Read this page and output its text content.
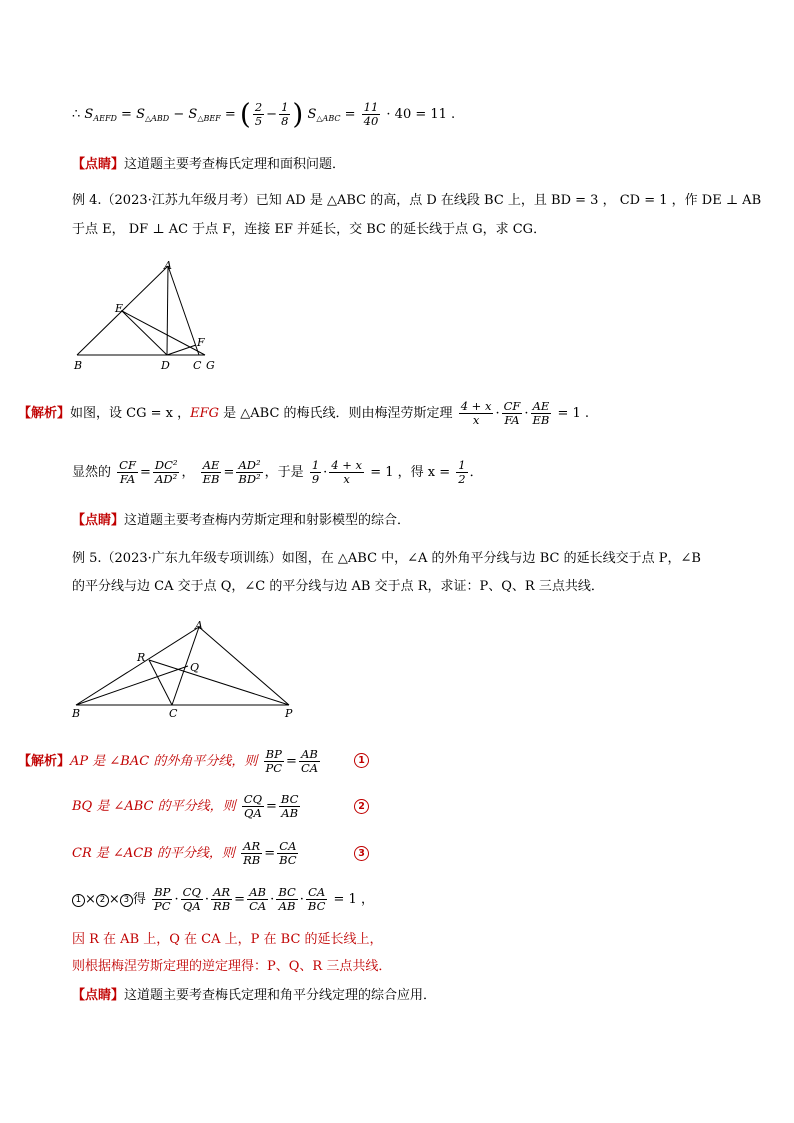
∴ $S_{AEFD} = S_{\triangle ABD} - S_{\triangle BEF}$ = ( $\frac{2}{5} - \frac{1}{8}$ ) $S_{\triangle ABC} = \frac{11}{40} \cdot 40 = 11$ .
【点睛】这道题主要考查梅氏定理和面积问题．
例 4.（2023·江苏九年级月考）已知 AD 是 △ABC 的高，点 D 在线段 BC 上，且 BD = 3 ， CD = 1 ，作 DE ⊥ AB
于点 E， DF ⊥ AC 于点 F，连接 EF 并延长，交 BC 的延长线于点 G，求 CG．
A
E
F
B	D C G
【解析】如图，设 CG = x ，EFG 是 △ABC 的梅氏线．则由梅涅劳斯定理 $\frac{4 + x}{x} \cdot \frac{CF}{FA} \cdot \frac{AE}{EB} = 1$ .
显然的 $\frac{CF}{FA} = \frac{\text{DC²}}{\text{AD²}}$ ， $\frac{AE}{EB} = \frac{\text{AD²}}{\text{BD²}}$ ，于是 $\frac{1}{9} \cdot \frac{4 + x}{x} = 1$ ，得 $x = \frac{1}{2}$ ．
【点睛】这道题主要考查梅内劳斯定理和射影模型的综合．
例 5.（2023·广东九年级专项训练）如图，在 △ABC 中，∠A 的外角平分线与边 BC 的延长线交于点 P，∠B
的平分线与边 CA 交于点 Q，∠C 的平分线与边 AB 交于点 R，求证：P、Q、R 三点共线．
A
R
Q
B	C	P
【解析】AP 是 ∠BAC 的外角平分线，则 $\frac{BP}{PC} = \frac{AB}{CA}$	1
BQ 是 ∠ABC 的平分线，则 $\frac{CQ}{QA} = \frac{BC}{AB}$	2
CR 是 ∠ACB 的平分线，则 $\frac{AR}{RB} = \frac{CA}{BC}$	3
1 × 2 × 3 得 $\frac{BP}{PC} \cdot \frac{CQ}{QA} \cdot \frac{AR}{RB} = \frac{AB}{CA} \cdot \frac{BC}{AB} \cdot \frac{CA}{BC} = 1$ ，
因 R 在 AB 上，Q 在 CA 上，P 在 BC 的延长线上，
则根据梅涅劳斯定理的逆定理得：P、Q、R 三点共线．
【点睛】这道题主要考查梅氏定理和角平分线定理的综合应用．
